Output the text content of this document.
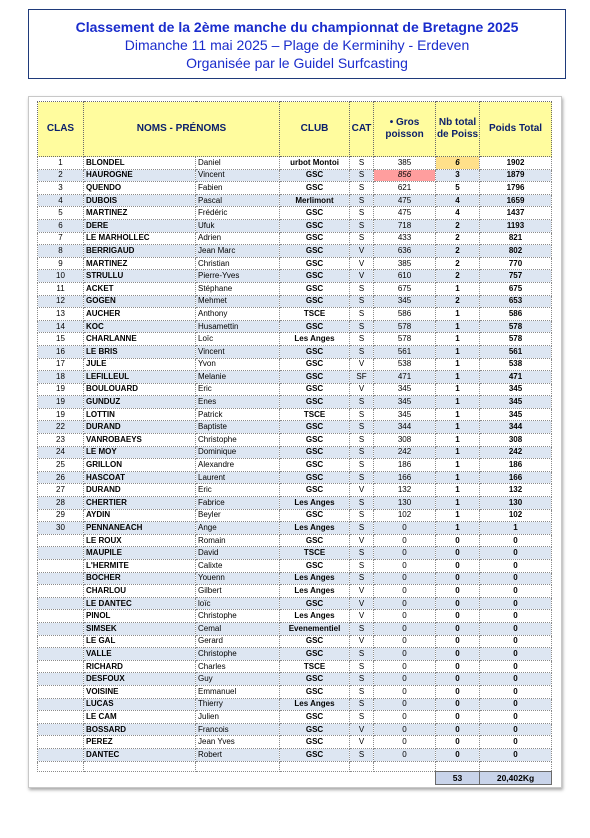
Classement de la 2ème manche du championnat de Bretagne 2025
Dimanche 11 mai 2025 – Plage de Kerminihy - Erdeven
Organisée par le Guidel Surfcasting
CLAS	NOMS - PRÉNOMS		CLUB	CAT	• Gros poisson	Nb total de Poiss	Poids Total
1	BLONDEL	Daniel	urbot Montoi	S	385	6	1902
2	HAUROGNE	Vincent	GSC	S	856	3	1879
3	QUENDO	Fabien	GSC	S	621	5	1796
4	DUBOIS	Pascal	Merlimont	S	475	4	1659
5	MARTINEZ	Frédéric	GSC	S	475	4	1437
6	DERE	Ufuk	GSC	S	718	2	1193
7	LE MARHOLLEC	Adrien	GSC	S	433	2	821
8	BERRIGAUD	Jean Marc	GSC	V	636	2	802
9	MARTINEZ	Christian	GSC	V	385	2	770
10	STRULLU	Pierre-Yves	GSC	V	610	2	757
11	ACKET	Stéphane	GSC	S	675	1	675
12	GOGEN	Mehmet	GSC	S	345	2	653
13	AUCHER	Anthony	TSCE	S	586	1	586
14	KOC	Husamettin	GSC	S	578	1	578
15	CHARLANNE	Loïc	Les Anges	S	578	1	578
16	LE BRIS	Vincent	GSC	S	561	1	561
17	JULE	Yvon	GSC	V	538	1	538
18	LEFILLEUL	Melanie	GSC	SF	471	1	471
19	BOULOUARD	Eric	GSC	V	345	1	345
19	GUNDUZ	Enes	GSC	S	345	1	345
19	LOTTIN	Patrick	TSCE	S	345	1	345
22	DURAND	Baptiste	GSC	S	344	1	344
23	VANROBAEYS	Christophe	GSC	S	308	1	308
24	LE MOY	Dominique	GSC	S	242	1	242
25	GRILLON	Alexandre	GSC	S	186	1	186
26	HASCOAT	Laurent	GSC	S	166	1	166
27	DURAND	Eric	GSC	V	132	1	132
28	CHERTIER	Fabrice	Les Anges	S	130	1	130
29	AYDIN	Beyler	GSC	S	102	1	102
30	PENNANEACH	Ange	Les Anges	S	0	1	1
	LE ROUX	Romain	GSC	V	0	0	0
	MAUPILE	David	TSCE	S	0	0	0
	L'HERMITE	Calixte	GSC	S	0	0	0
	BOCHER	Youenn	Les Anges	S	0	0	0
	CHARLOU	Gilbert	Les Anges	V	0	0	0
	LE DANTEC	loïc	GSC	V	0	0	0
	PINOL	Christophe	Les Anges	V	0	0	0
	SIMSEK	Cemal	Evenementiel	S	0	0	0
	LE GAL	Gerard	GSC	V	0	0	0
	VALLE	Christophe	GSC	S	0	0	0
	RICHARD	Charles	TSCE	S	0	0	0
	DESFOUX	Guy	GSC	S	0	0	0
	VOISINE	Emmanuel	GSC	S	0	0	0
	LUCAS	Thierry	Les Anges	S	0	0	0
	LE CAM	Julien	GSC	S	0	0	0
	BOSSARD	Francois	GSC	V	0	0	0
	PEREZ	Jean Yves	GSC	V	0	0	0
	DANTEC	Robert	GSC	S	0	0	0

						53	20,402Kg
